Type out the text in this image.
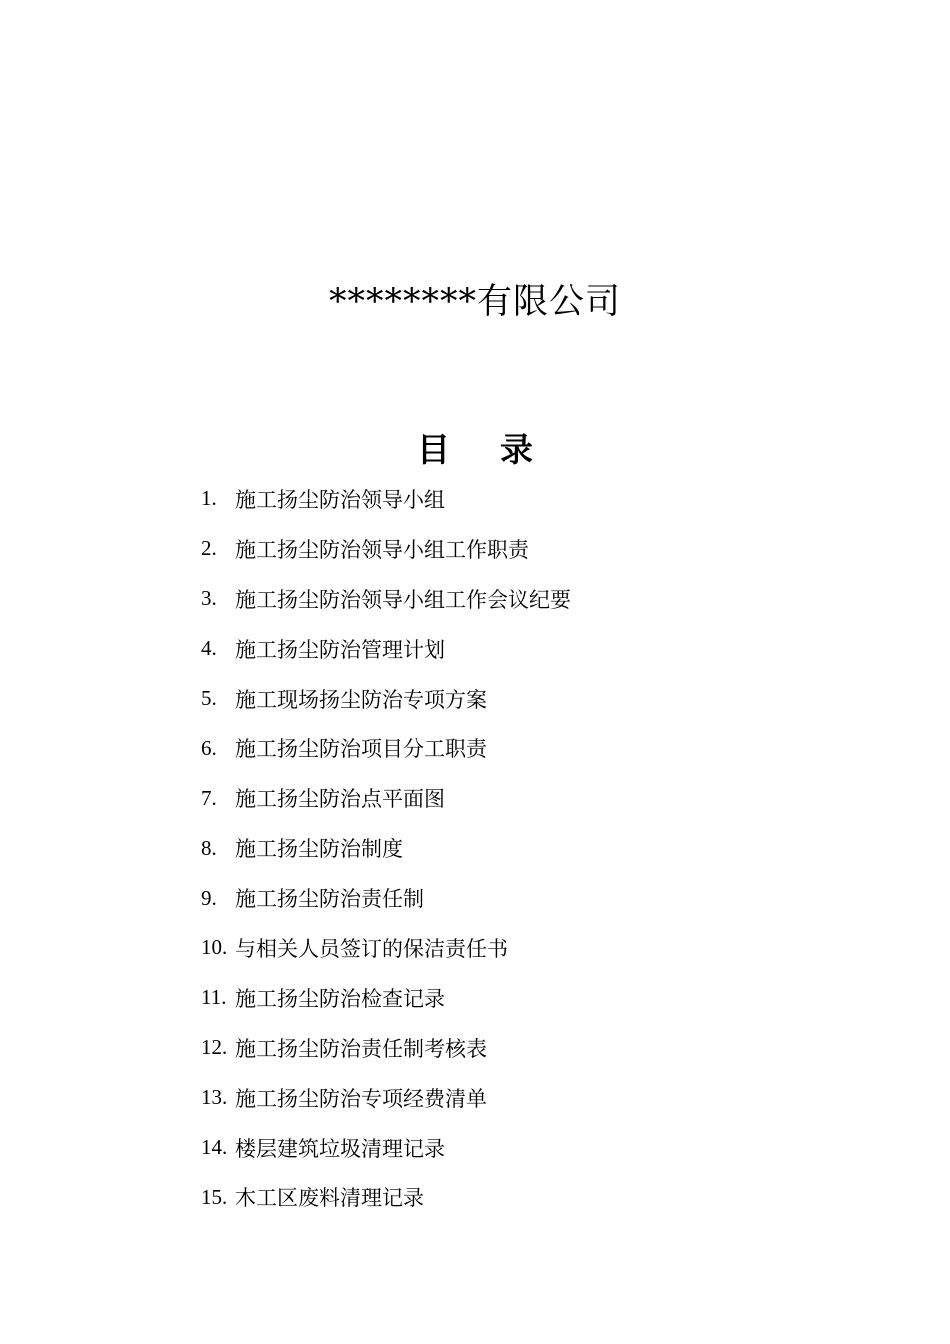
********有限公司
目 录
1. 施工扬尘防治领导小组
2. 施工扬尘防治领导小组工作职责
3. 施工扬尘防治领导小组工作会议纪要
4. 施工扬尘防治管理计划
5. 施工现场扬尘防治专项方案
6. 施工扬尘防治项目分工职责
7. 施工扬尘防治点平面图
8. 施工扬尘防治制度
9. 施工扬尘防治责任制
10. 与相关人员签订的保洁责任书
11. 施工扬尘防治检查记录
12. 施工扬尘防治责任制考核表
13. 施工扬尘防治专项经费清单
14. 楼层建筑垃圾清理记录
15. 木工区废料清理记录
